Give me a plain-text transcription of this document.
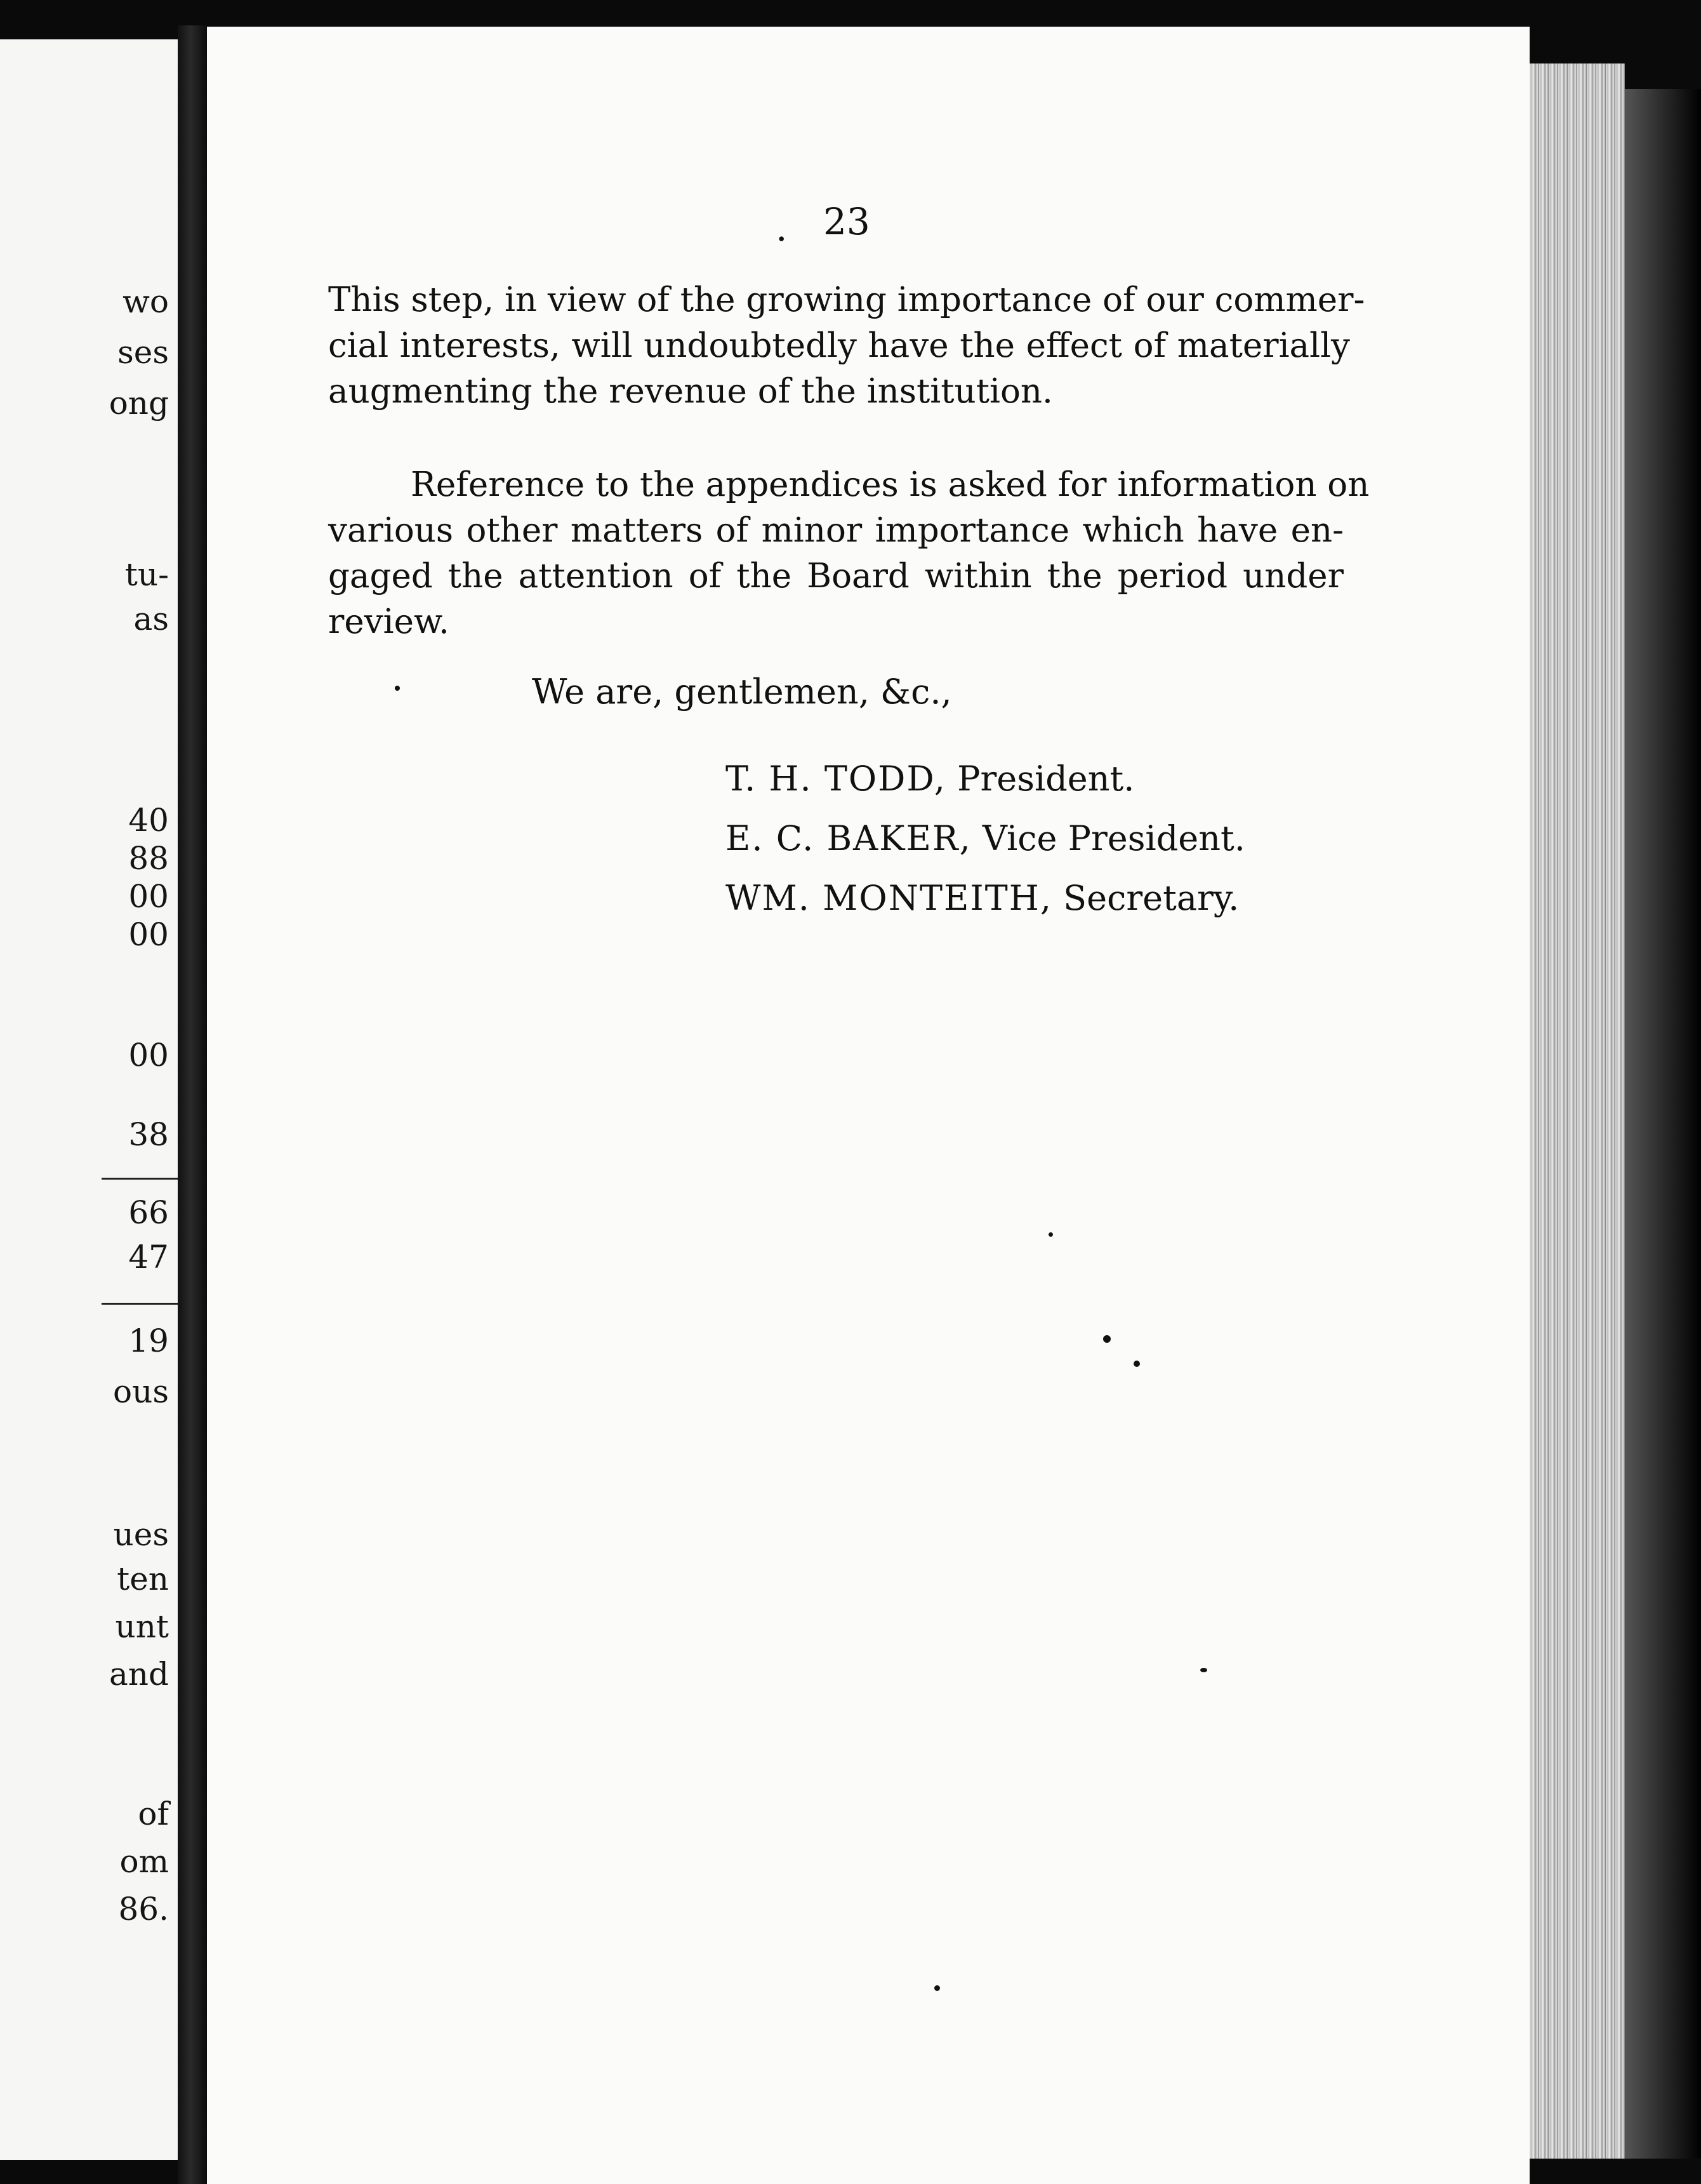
wo
ses
ong
tu-
as
40
88
00
00
00
38
66
47
19
ous
ues
ten
unt
and
of
om
86.
. 23
This step, in view of the growing importance of our commer-
cial interests, will undoubtedly have the effect of materially
augmenting the revenue of the institution.
Reference to the appendices is asked for information on
various other matters of minor importance which have en-
gaged the attention of the Board within the period under
review.
We are, gentlemen, &c.,
T. H. TODD, President.
E. C. BAKER, Vice President.
WM. MONTEITH, Secretary.
